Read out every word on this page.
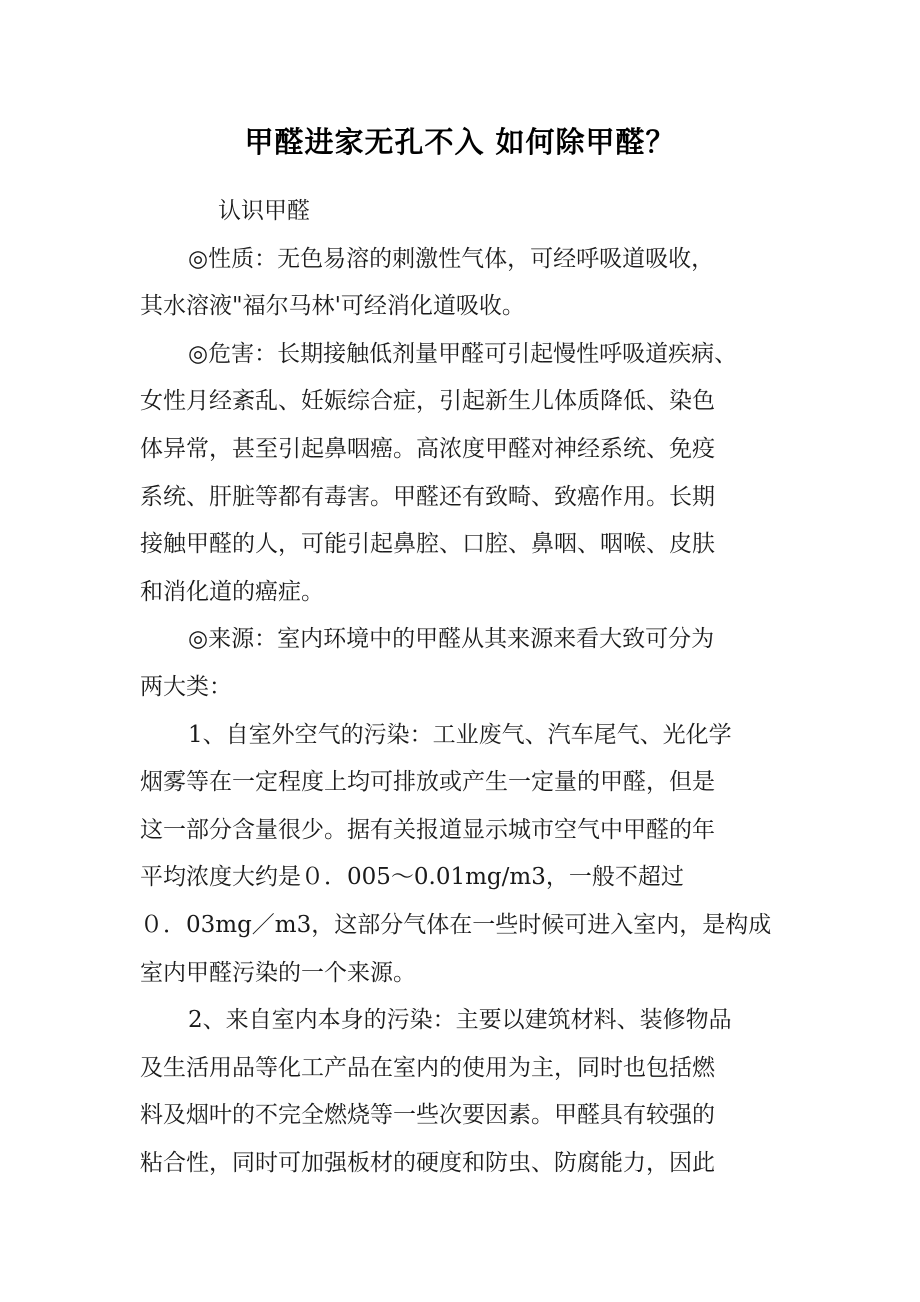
甲醛进家无孔不入 如何除甲醛？
认识甲醛
◎性质：无色易溶的刺激性气体，可经呼吸道吸收，
其水溶液"福尔马林'可经消化道吸收。
◎危害：长期接触低剂量甲醛可引起慢性呼吸道疾病、
女性月经紊乱、妊娠综合症，引起新生儿体质降低、染色
体异常，甚至引起鼻咽癌。高浓度甲醛对神经系统、免疫
系统、肝脏等都有毒害。甲醛还有致畸、致癌作用。长期
接触甲醛的人，可能引起鼻腔、口腔、鼻咽、咽喉、皮肤
和消化道的癌症。
◎来源：室内环境中的甲醛从其来源来看大致可分为
两大类：
1、自室外空气的污染：工业废气、汽车尾气、光化学
烟雾等在一定程度上均可排放或产生一定量的甲醛，但是
这一部分含量很少。据有关报道显示城市空气中甲醛的年
平均浓度大约是０．005～0.01mg/m3，一般不超过
０．03mg／m3，这部分气体在一些时候可进入室内，是构成
室内甲醛污染的一个来源。
2、来自室内本身的污染：主要以建筑材料、装修物品
及生活用品等化工产品在室内的使用为主，同时也包括燃
料及烟叶的不完全燃烧等一些次要因素。甲醛具有较强的
粘合性，同时可加强板材的硬度和防虫、防腐能力，因此
